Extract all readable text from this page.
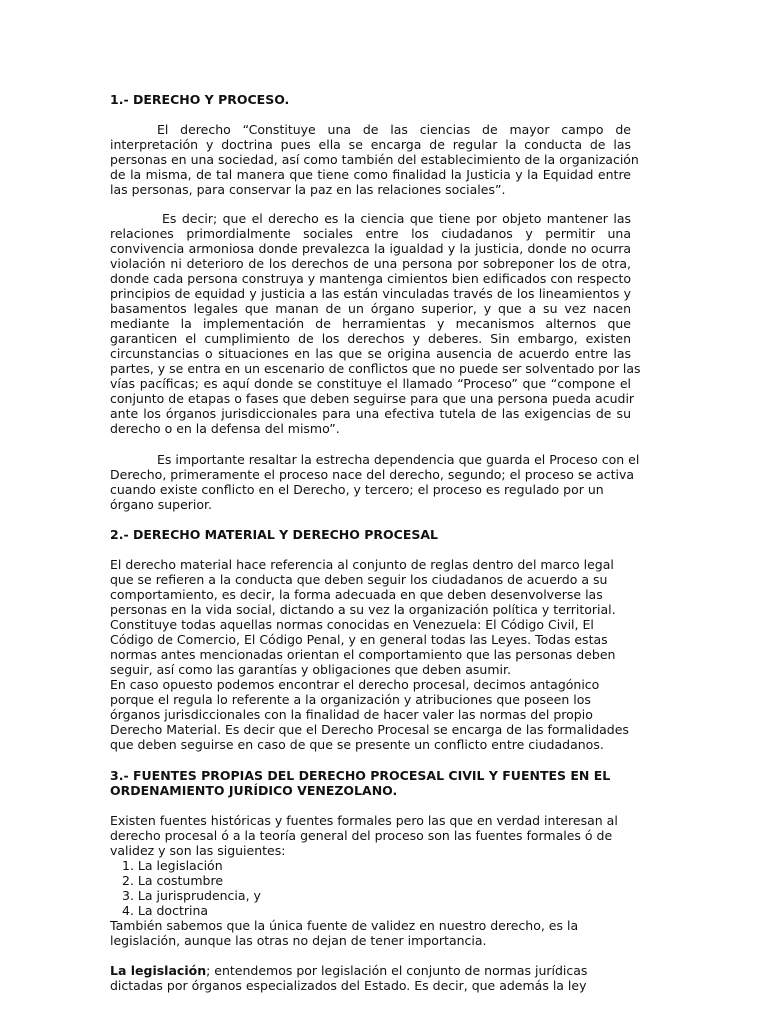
1.- DERECHO Y PROCESO.
El derecho “Constituye una de las ciencias de mayor campo de
interpretación y doctrina pues ella se encarga de regular la conducta de las
personas en una sociedad, así como también del establecimiento de la organización
de la misma, de tal manera que tiene como finalidad la Justicia y la Equidad entre
las personas, para conservar la paz en las relaciones sociales”.
Es decir; que el derecho es la ciencia que tiene por objeto mantener las
relaciones primordialmente sociales entre los ciudadanos y permitir una
convivencia armoniosa donde prevalezca la igualdad y la justicia, donde no ocurra
violación ni deterioro de los derechos de una persona por sobreponer los de otra,
donde cada persona construya y mantenga cimientos bien edificados con respecto
principios de equidad y justicia a las están vinculadas través de los lineamientos y
basamentos legales que manan de un órgano superior, y que a su vez nacen
mediante la implementación de herramientas y mecanismos alternos que
garanticen el cumplimiento de los derechos y deberes. Sin embargo, existen
circunstancias o situaciones en las que se origina ausencia de acuerdo entre las
partes, y se entra en un escenario de conflictos que no puede ser solventado por las
vías pacíficas; es aquí donde se constituye el llamado “Proceso” que “compone el
conjunto de etapas o fases que deben seguirse para que una persona pueda acudir
ante los órganos jurisdiccionales para una efectiva tutela de las exigencias de su
derecho o en la defensa del mismo”.
Es importante resaltar la estrecha dependencia que guarda el Proceso con el
Derecho, primeramente el proceso nace del derecho, segundo; el proceso se activa
cuando existe conflicto en el Derecho, y tercero; el proceso es regulado por un
órgano superior.
2.- DERECHO MATERIAL Y DERECHO PROCESAL
El derecho material hace referencia al conjunto de reglas dentro del marco legal
que se refieren a la conducta que deben seguir los ciudadanos de acuerdo a su
comportamiento, es decir, la forma adecuada en que deben desenvolverse las
personas en la vida social, dictando a su vez la organización política y territorial.
Constituye todas aquellas normas conocidas en Venezuela: El Código Civil, El
Código de Comercio, El Código Penal, y en general todas las Leyes. Todas estas
normas antes mencionadas orientan el comportamiento que las personas deben
seguir, así como las garantías y obligaciones que deben asumir.
En caso opuesto podemos encontrar el derecho procesal, decimos antagónico
porque el regula lo referente a la organización y atribuciones que poseen los
órganos jurisdiccionales con la finalidad de hacer valer las normas del propio
Derecho Material. Es decir que el Derecho Procesal se encarga de las formalidades
que deben seguirse en caso de que se presente un conflicto entre ciudadanos.
3.- FUENTES PROPIAS DEL DERECHO PROCESAL CIVIL Y FUENTES EN EL
ORDENAMIENTO JURÍDICO VENEZOLANO.
Existen fuentes históricas y fuentes formales pero las que en verdad interesan al
derecho procesal ó a la teoría general del proceso son las fuentes formales ó de
validez y son las siguientes:
1. La legislación
2. La costumbre
3. La jurisprudencia, y
4. La doctrina
También sabemos que la única fuente de validez en nuestro derecho, es la
legislación, aunque las otras no dejan de tener importancia.
La legislación; entendemos por legislación el conjunto de normas jurídicas
dictadas por órganos especializados del Estado. Es decir, que además la ley
